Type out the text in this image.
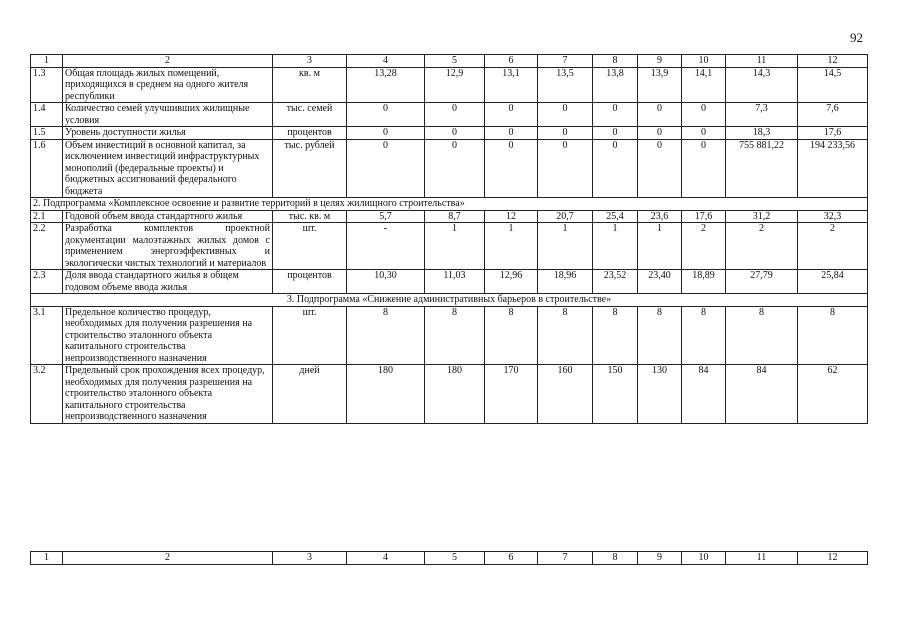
92
1	2	3	4	5	6	7	8	9	10	11	12
1.3	Общая площадь жилых помещений, приходящихся в среднем на одного жителя республики	кв. м	13,28	12,9	13,1	13,5	13,8	13,9	14,1	14,3	14,5
1.4	Количество семей улучшивших жилищные условия	тыс. семей	0	0	0	0	0	0	0	7,3	7,6
1.5	Уровень доступности жилья	процентов	0	0	0	0	0	0	0	18,3	17,6
1.6	Объем инвестиций в основной капитал, за исключением инвестиций инфраструктурных монополий (федеральные проекты) и бюджетных ассигнований федерального бюджета	тыс. рублей	0	0	0	0	0	0	0	755 881,22	194 233,56
2. Подпрограмма «Комплексное освоение и развитие территорий в целях жилищного строительства»											
2.1	Годовой объем ввода стандартного жилья	тыс. кв. м	5,7	8,7	12	20,7	25,4	23,6	17,6	31,2	32,3
2.2	Разработка комплектов проектной документации малоэтажных жилых домов с применением энергоэффективных и экологически чистых технологий и материалов	шт.	-	1	1	1	1	1	2	2	2
2.3	Доля ввода стандартного жилья в общем годовом объеме ввода жилья	процентов	10,30	11,03	12,96	18,96	23,52	23,40	18,89	27,79	25,84
3. Подпрограмма «Снижение административных барьеров в строительстве»											
3.1	Предельное количество процедур, необходимых для получения разрешения на строительство эталонного объекта капитального строительства непроизводственного назначения	шт.	8	8	8	8	8	8	8	8	8
3.2	Предельный срок прохождения всех процедур, необходимых для получения разрешения на строительство эталонного объекта капитального строительства непроизводственного назначения	дней	180	180	170	160	150	130	84	84	62
1	2	3	4	5	6	7	8	9	10	11	12
